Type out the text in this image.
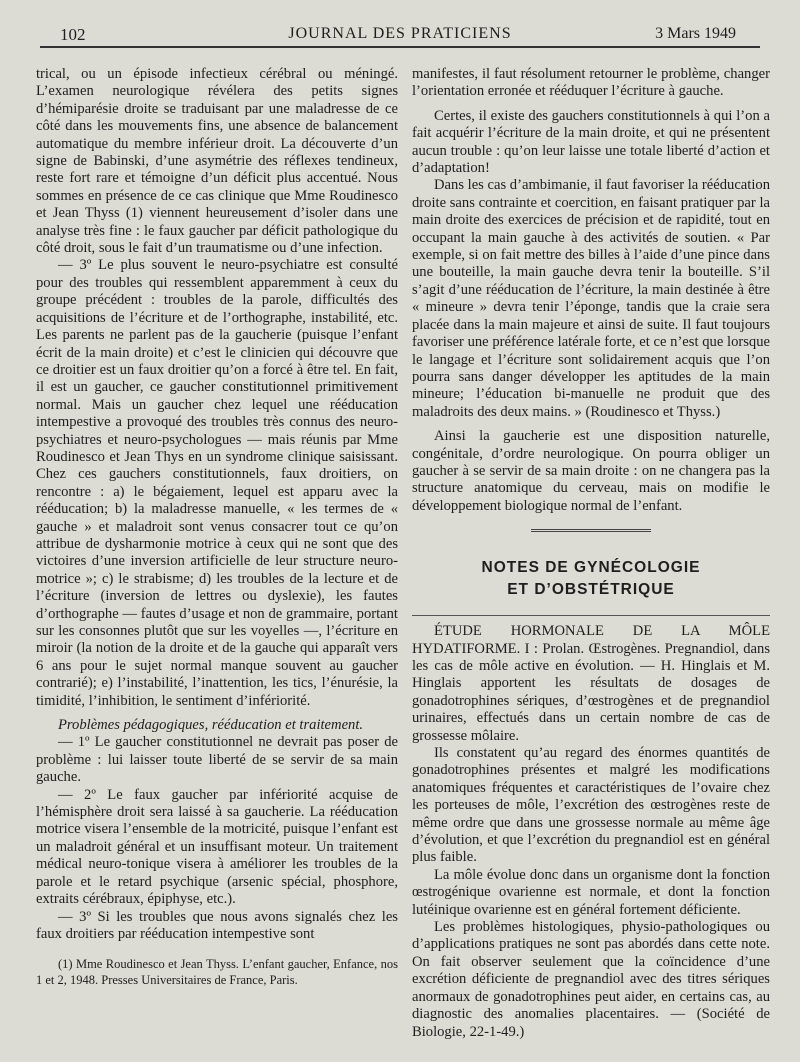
102	JOURNAL DES PRATICIENS	3 Mars 1949

trical, ou un épisode infectieux cérébral ou méningé. L’examen neurologique révélera des petits signes d’hémiparésie droite se traduisant par une maladresse de ce côté dans les mouvements fins, une absence de balancement automatique du membre inférieur droit. La découverte d’un signe de Babinski, d’une asymétrie des réflexes tendineux, reste fort rare et témoigne d’un déficit plus accentué. Nous sommes en présence de ce cas clinique que Mme Roudinesco et Jean Thyss (1) viennent heureusement d’isoler dans une analyse très fine : le faux gaucher par déficit pathologique du côté droit, sous le fait d’un traumatisme ou d’une infection.

— 3º Le plus souvent le neuro-psychiatre est consulté pour des troubles qui ressemblent apparemment à ceux du groupe précédent : troubles de la parole, difficultés des acquisitions de l’écriture et de l’orthographe, instabilité, etc. Les parents ne parlent pas de la gaucherie (puisque l’enfant écrit de la main droite) et c’est le clinicien qui découvre que ce droitier est un faux droitier qu’on a forcé à être tel. En fait, il est un gaucher, ce gaucher constitutionnel primitivement normal. Mais un gaucher chez lequel une rééducation intempestive a provoqué des troubles très connus des neuro-psychiatres et neuro-psychologues — mais réunis par Mme Roudinesco et Jean Thys en un syndrome clinique saisissant. Chez ces gauchers constitutionnels, faux droitiers, on rencontre : a) le bégaiement, lequel est apparu avec la rééducation; b) la maladresse manuelle, « les termes de « gauche » et maladroit sont venus consacrer tout ce qu’on attribue de dysharmonie motrice à ceux qui ne sont que des victoires d’une inversion artificielle de leur structure neuro-motrice »; c) le strabisme; d) les troubles de la lecture et de l’écriture (inversion de lettres ou dyslexie), les fautes d’orthographe — fautes d’usage et non de grammaire, portant sur les consonnes plutôt que sur les voyelles —, l’écriture en miroir (la notion de la droite et de la gauche qui apparaît vers 6 ans pour le sujet normal manque souvent au gaucher contrarié); e) l’instabilité, l’inattention, les tics, l’énurésie, la timidité, l’inhibition, le sentiment d’infériorité.

Problèmes pédagogiques, rééducation et traitement.

— 1º Le gaucher constitutionnel ne devrait pas poser de problème : lui laisser toute liberté de se servir de sa main gauche.

— 2º Le faux gaucher par infériorité acquise de l’hémisphère droit sera laissé à sa gaucherie. La rééducation motrice visera l’ensemble de la motricité, puisque l’enfant est un maladroit général et un insuffisant moteur. Un traitement médical neuro-tonique visera à améliorer les troubles de la parole et le retard psychique (arsenic spécial, phosphore, extraits cérébraux, épiphyse, etc.).

— 3º Si les troubles que nous avons signalés chez les faux droitiers par rééducation intempestive sont

(1) Mme Roudinesco et Jean Thyss. L’enfant gaucher, Enfance, nos 1 et 2, 1948. Presses Universitaires de France, Paris.

manifestes, il faut résolument retourner le problème, changer l’orientation erronée et rééduquer l’écriture à gauche.

Certes, il existe des gauchers constitutionnels à qui l’on a fait acquérir l’écriture de la main droite, et qui ne présentent aucun trouble : qu’on leur laisse une totale liberté d’action et d’adaptation!

Dans les cas d’ambimanie, il faut favoriser la rééducation droite sans contrainte et coercition, en faisant pratiquer par la main droite des exercices de précision et de rapidité, tout en occupant la main gauche à des activités de soutien. « Par exemple, si on fait mettre des billes à l’aide d’une pince dans une bouteille, la main gauche devra tenir la bouteille. S’il s’agit d’une rééducation de l’écriture, la main destinée à être « mineure » devra tenir l’éponge, tandis que la craie sera placée dans la main majeure et ainsi de suite. Il faut toujours favoriser une préférence latérale forte, et ce n’est que lorsque le langage et l’écriture sont solidairement acquis que l’on pourra sans danger développer les aptitudes de la main mineure; l’éducation bi-manuelle ne produit que des maladroits des deux mains. » (Roudinesco et Thyss.)

Ainsi la gaucherie est une disposition naturelle, congénitale, d’ordre neurologique. On pourra obliger un gaucher à se servir de sa main droite : on ne changera pas la structure anatomique du cerveau, mais on modifie le développement biologique normal de l’enfant.

NOTES DE GYNÉCOLOGIE
ET D’OBSTÉTRIQUE

ÉTUDE HORMONALE DE LA MÔLE HYDATIFORME. I : Prolan. Œstrogènes. Pregnandiol, dans les cas de môle active en évolution. — H. Hinglais et M. Hinglais apportent les résultats de dosages de gonadotrophines sériques, d’œstrogènes et de pregnandiol urinaires, effectués dans un certain nombre de cas de grossesse môlaire.

Ils constatent qu’au regard des énormes quantités de gonadotrophines présentes et malgré les modifications anatomiques fréquentes et caractéristiques de l’ovaire chez les porteuses de môle, l’excrétion des œstrogènes reste de même ordre que dans une grossesse normale au même âge d’évolution, et que l’excrétion du pregnandiol est en général plus faible.

La môle évolue donc dans un organisme dont la fonction œstrogénique ovarienne est normale, et dont la fonction lutéinique ovarienne est en général fortement déficiente.

Les problèmes histologiques, physio-pathologiques ou d’applications pratiques ne sont pas abordés dans cette note. On fait observer seulement que la coïncidence d’une excrétion déficiente de pregnandiol avec des titres sériques anormaux de gonadotrophines peut aider, en certains cas, au diagnostic des anomalies placentaires. — (Société de Biologie, 22-1-49.)
